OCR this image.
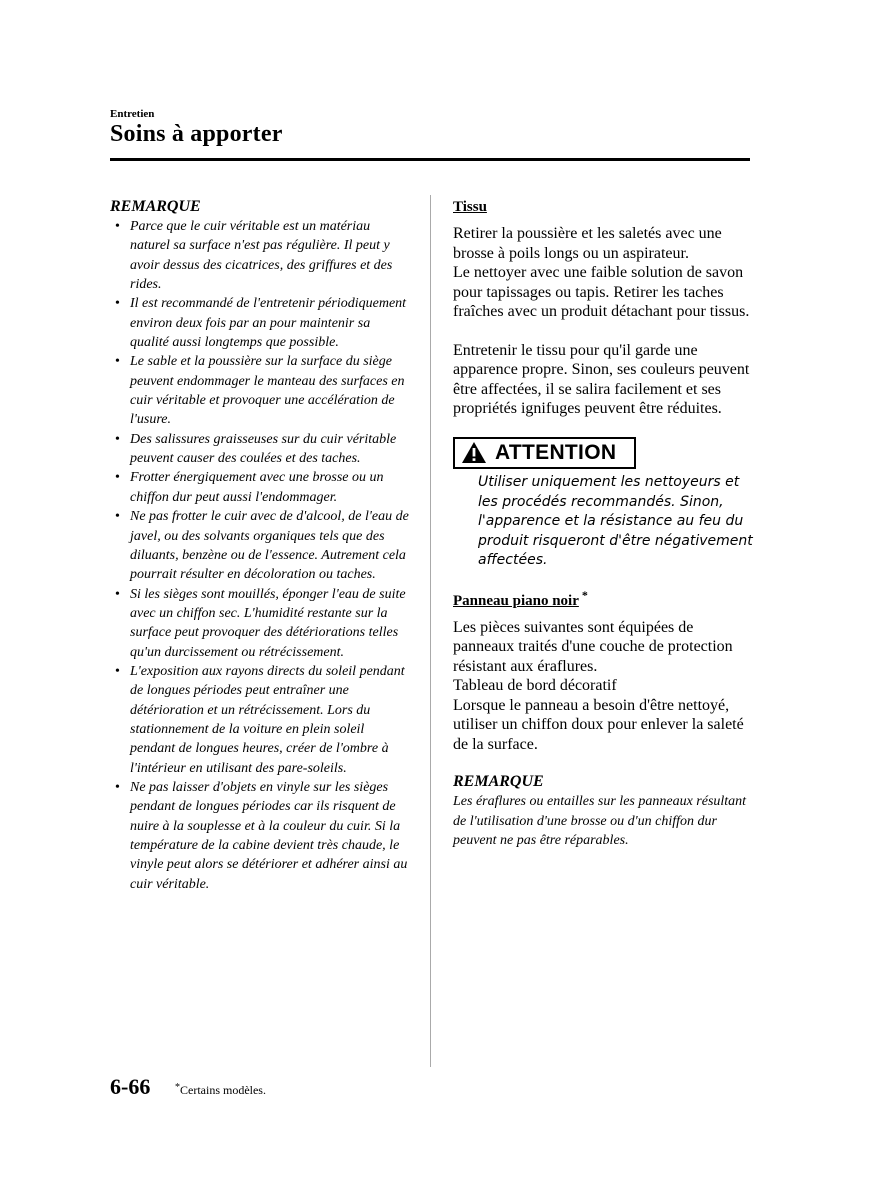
Entretien
Soins à apporter
REMARQUE
• Parce que le cuir véritable est un matériau naturel sa surface n'est pas régulière. Il peut y avoir dessus des cicatrices, des griffures et des rides.
• Il est recommandé de l'entretenir périodiquement environ deux fois par an pour maintenir sa qualité aussi longtemps que possible.
• Le sable et la poussière sur la surface du siège peuvent endommager le manteau des surfaces en cuir véritable et provoquer une accélération de l'usure.
• Des salissures graisseuses sur du cuir véritable peuvent causer des coulées et des taches.
• Frotter énergiquement avec une brosse ou un chiffon dur peut aussi l'endommager.
• Ne pas frotter le cuir avec de d'alcool, de l'eau de javel, ou des solvants organiques tels que des diluants, benzène ou de l'essence. Autrement cela pourrait résulter en décoloration ou taches.
• Si les sièges sont mouillés, éponger l'eau de suite avec un chiffon sec. L'humidité restante sur la surface peut provoquer des détériorations telles qu'un durcissement ou rétrécissement.
• L'exposition aux rayons directs du soleil pendant de longues périodes peut entraîner une détérioration et un rétrécissement. Lors du stationnement de la voiture en plein soleil pendant de longues heures, créer de l'ombre à l'intérieur en utilisant des pare-soleils.
• Ne pas laisser d'objets en vinyle sur les sièges pendant de longues périodes car ils risquent de nuire à la souplesse et à la couleur du cuir. Si la température de la cabine devient très chaude, le vinyle peut alors se détériorer et adhérer ainsi au cuir véritable.
Tissu

Retirer la poussière et les saletés avec une brosse à poils longs ou un aspirateur.

Le nettoyer avec une faible solution de savon pour tapissages ou tapis. Retirer les taches fraîches avec un produit détachant pour tissus.

Entretenir le tissu pour qu'il garde une apparence propre. Sinon, ses couleurs peuvent être affectées, il se salira facilement et ses propriétés ignifuges peuvent être réduites.

ATTENTION

Utiliser uniquement les nettoyeurs et les procédés recommandés. Sinon, l'apparence et la résistance au feu du produit risqueront d'être négativement affectées.

Panneau piano noir *

Les pièces suivantes sont équipées de panneaux traités d'une couche de protection résistant aux éraflures.

Tableau de bord décoratif

Lorsque le panneau a besoin d'être nettoyé, utiliser un chiffon doux pour enlever la saleté de la surface.

REMARQUE

Les éraflures ou entailles sur les panneaux résultant de l'utilisation d'une brosse ou d'un chiffon dur peuvent ne pas être réparables.

6-66 *Certains modèles.
